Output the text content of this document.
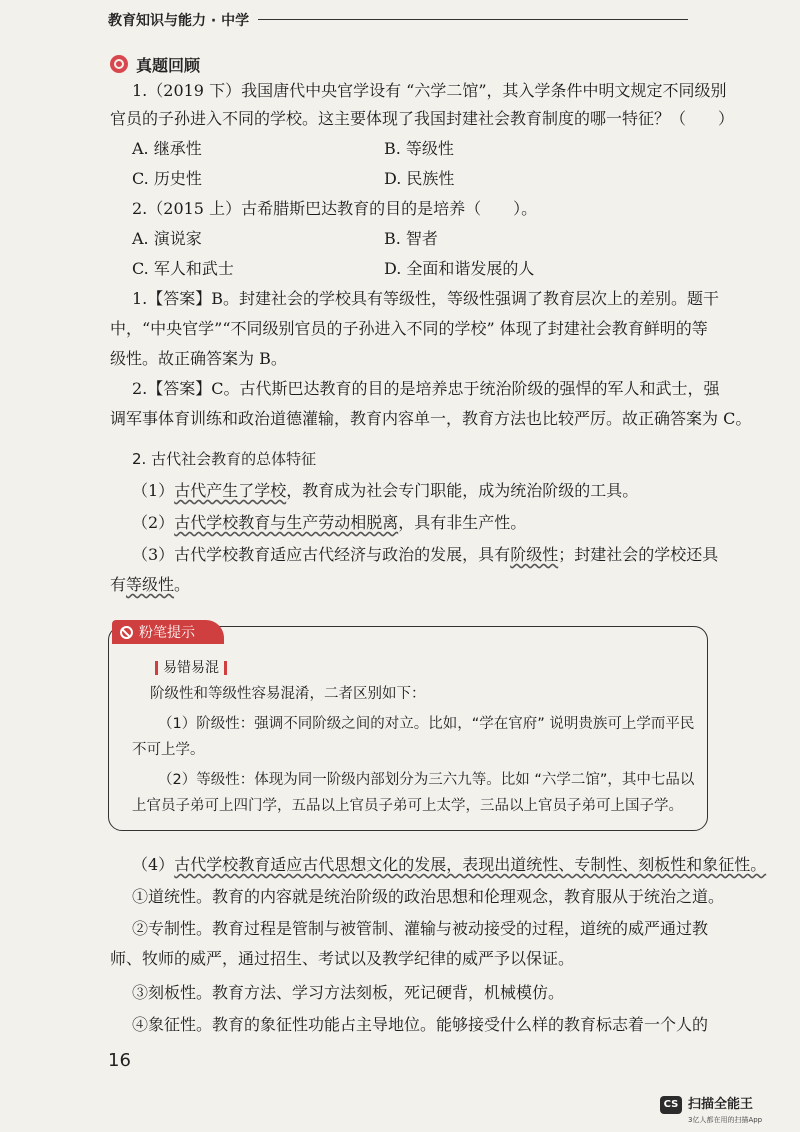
教育知识与能力 · 中学
真题回顾
1.（2019 下）我国唐代中央官学设有 “六学二馆”，其入学条件中明文规定不同级别
官员的子孙进入不同的学校。这主要体现了我国封建社会教育制度的哪一特征？（　　）
A. 继承性	B. 等级性
C. 历史性	D. 民族性
2.（2015 上）古希腊斯巴达教育的目的是培养（　　）。
A. 演说家	B. 智者
C. 军人和武士	D. 全面和谐发展的人
1.【答案】B。封建社会的学校具有等级性，等级性强调了教育层次上的差别。题干
中，“中央官学”“不同级别官员的子孙进入不同的学校” 体现了封建社会教育鲜明的等
级性。故正确答案为 B。
2.【答案】C。古代斯巴达教育的目的是培养忠于统治阶级的强悍的军人和武士，强
调军事体育训练和政治道德灌输，教育内容单一，教育方法也比较严厉。故正确答案为 C。
2. 古代社会教育的总体特征
（1）古代产生了学校，教育成为社会专门职能，成为统治阶级的工具。
（2）古代学校教育与生产劳动相脱离，具有非生产性。
（3）古代学校教育适应古代经济与政治的发展，具有阶级性；封建社会的学校还具
有等级性。
粉笔提示
易错易混
阶级性和等级性容易混淆，二者区别如下：
（1）阶级性：强调不同阶级之间的对立。比如，“学在官府” 说明贵族可上学而平民
不可上学。
（2）等级性：体现为同一阶级内部划分为三六九等。比如 “六学二馆”，其中七品以
上官员子弟可上四门学，五品以上官员子弟可上太学，三品以上官员子弟可上国子学。
（4）古代学校教育适应古代思想文化的发展，表现出道统性、专制性、刻板性和象征性。
①道统性。教育的内容就是统治阶级的政治思想和伦理观念，教育服从于统治之道。
②专制性。教育过程是管制与被管制、灌输与被动接受的过程，道统的威严通过教
师、牧师的威严，通过招生、考试以及教学纪律的威严予以保证。
③刻板性。教育方法、学习方法刻板，死记硬背，机械模仿。
④象征性。教育的象征性功能占主导地位。能够接受什么样的教育标志着一个人的
16
CS 扫描全能王
3亿人都在用的扫描App
